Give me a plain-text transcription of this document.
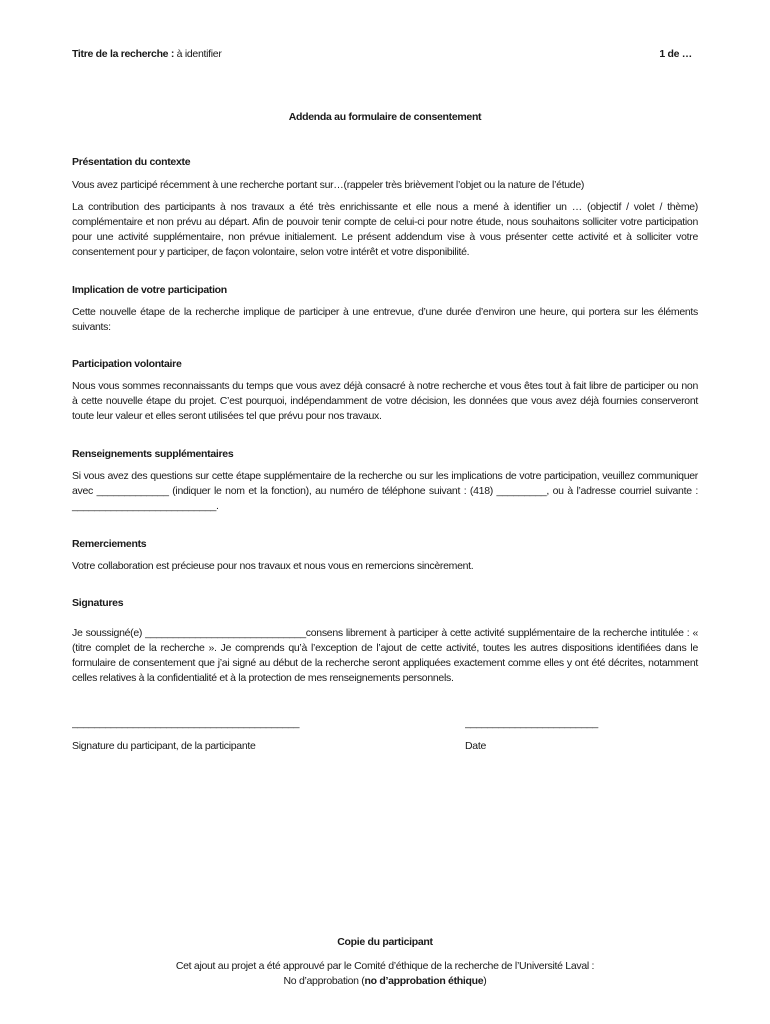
Titre de la recherche : à identifier	1 de …
Addenda au formulaire de consentement
Présentation du contexte
Vous avez participé récemment à une recherche portant sur…(rappeler très brièvement l’objet ou la nature de l’étude)
La contribution des participants à nos travaux a été très enrichissante et elle nous a mené à identifier un … (objectif / volet / thème) complémentaire et non prévu au départ. Afin de pouvoir tenir compte de celui-ci pour notre étude, nous souhaitons solliciter votre participation pour une activité supplémentaire, non prévue initialement. Le présent addendum vise à vous présenter cette activité et à solliciter votre consentement pour y participer, de façon volontaire, selon votre intérêt et votre disponibilité.
Implication de votre participation
Cette nouvelle étape de la recherche implique de participer à une entrevue, d’une durée d’environ une heure, qui portera sur les éléments suivants:
Participation volontaire
Nous vous sommes reconnaissants du temps que vous avez déjà consacré à notre recherche et vous êtes tout à fait libre de participer ou non à cette nouvelle étape du projet. C’est pourquoi, indépendamment de votre décision, les données que vous avez déjà fournies conserveront toute leur valeur et elles seront utilisées tel que prévu pour nos travaux.
Renseignements supplémentaires
Si vous avez des questions sur cette étape supplémentaire de la recherche ou sur les implications de votre participation, veuillez communiquer avec _____________ (indiquer le nom et la fonction), au numéro de téléphone suivant : (418) _________, ou à l’adresse courriel suivante : __________________________.
Remerciements
Votre collaboration est précieuse pour nos travaux et nous vous en remercions sincèrement.
Signatures
Je soussigné(e) _____________________________consens librement à participer à cette activité supplémentaire de la recherche intitulée : « (titre complet de la recherche ». Je comprends qu’à l’exception de l’ajout de cette activité, toutes les autres dispositions identifiées dans le formulaire de consentement que j’ai signé au début de la recherche seront appliquées exactement comme elles y ont été décrites, notamment celles relatives à la confidentialité et à la protection de mes renseignements personnels.
_________________________________________
Signature du participant, de la participante
________________________
Date
Copie du participant
Cet ajout au projet a été approuvé par le Comité d’éthique de la recherche de l’Université Laval :
No d’approbation (no d’approbation éthique)
